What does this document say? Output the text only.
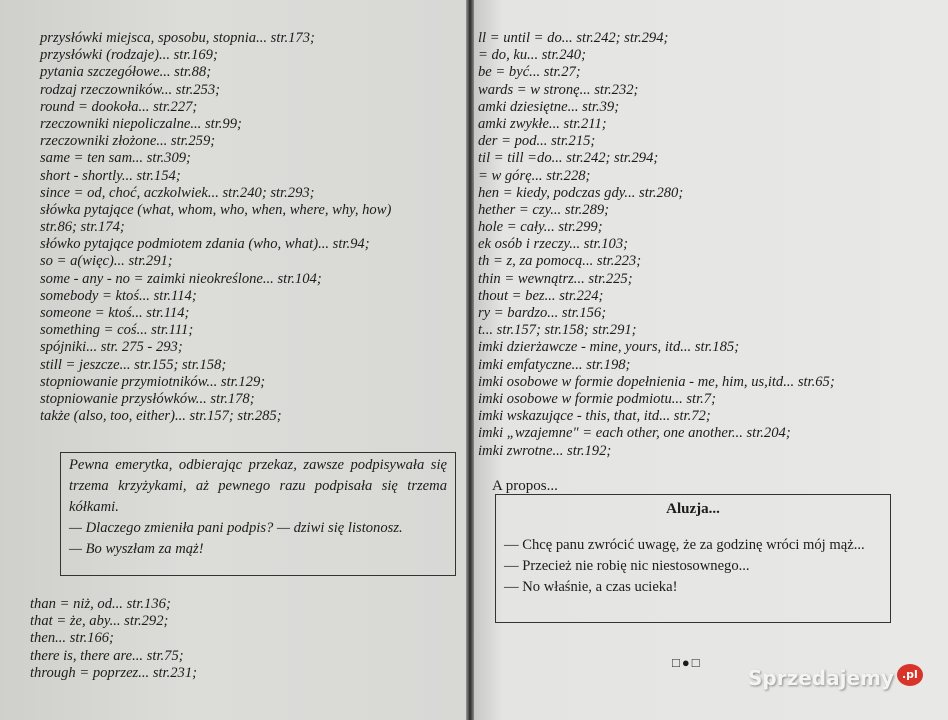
przysłówki miejsca, sposobu, stopnia... str.173;
przysłówki (rodzaje)... str.169;
pytania szczegółowe... str.88;
rodzaj rzeczowników... str.253;
round = dookoła... str.227;
rzeczowniki niepoliczalne... str.99;
rzeczowniki złożone... str.259;
same = ten sam... str.309;
short - shortly... str.154;
since = od, choć, aczkolwiek... str.240; str.293;
słówka pytające (what, whom, who, when, where, why, how)
str.86; str.174;
słówko pytające podmiotem zdania (who, what)... str.94;
so = a(więc)... str.291;
some - any - no = zaimki nieokreślone... str.104;
somebody = ktoś... str.114;
someone = ktoś... str.114;
something = coś... str.111;
spójniki... str. 275 - 293;
still = jeszcze... str.155; str.158;
stopniowanie przymiotników... str.129;
stopniowanie przysłówków... str.178;
także (also, too, either)... str.157; str.285;

Pewna emerytka, odbierając przekaz, zawsze podpisywała się trzema krzyżykami, aż pewnego razu podpisała się trzema kółkami.

— Dlaczego zmieniła pani podpis? — dziwi się listonosz.

— Bo wyszłam za mąż!

than = niż, od... str.136;
that = że, aby... str.292;
then... str.166;
there is, there are... str.75;
through = poprzez... str.231;
ll = until = do... str.242; str.294;
= do, ku... str.240;
be = być... str.27;
wards = w stronę... str.232;
amki dziesiętne... str.39;
amki zwykłe... str.211;
der = pod... str.215;
til = till =do... str.242; str.294;
= w górę... str.228;
hen = kiedy, podczas gdy... str.280;
hether = czy... str.289;
hole = cały... str.299;
ek osób i rzeczy... str.103;
th = z, za pomocą... str.223;
thin = wewnątrz... str.225;
thout = bez... str.224;
ry = bardzo... str.156;
t... str.157; str.158; str.291;
imki dzierżawcze - mine, yours, itd... str.185;
imki emfatyczne... str.198;
imki osobowe w formie dopełnienia - me, him, us,itd... str.65;
imki osobowe w formie podmiotu... str.7;
imki wskazujące - this, that, itd... str.72;
imki „wzajemne" = each other, one another... str.204;
imki zwrotne... str.192;
A propos...
Aluzja...

— Chcę panu zwrócić uwagę, że za godzinę wróci mój mąż...

— Przecież nie robię nic niestosownego...

— No właśnie, a czas ucieka!

□●□
Sprzedajemy .pl
